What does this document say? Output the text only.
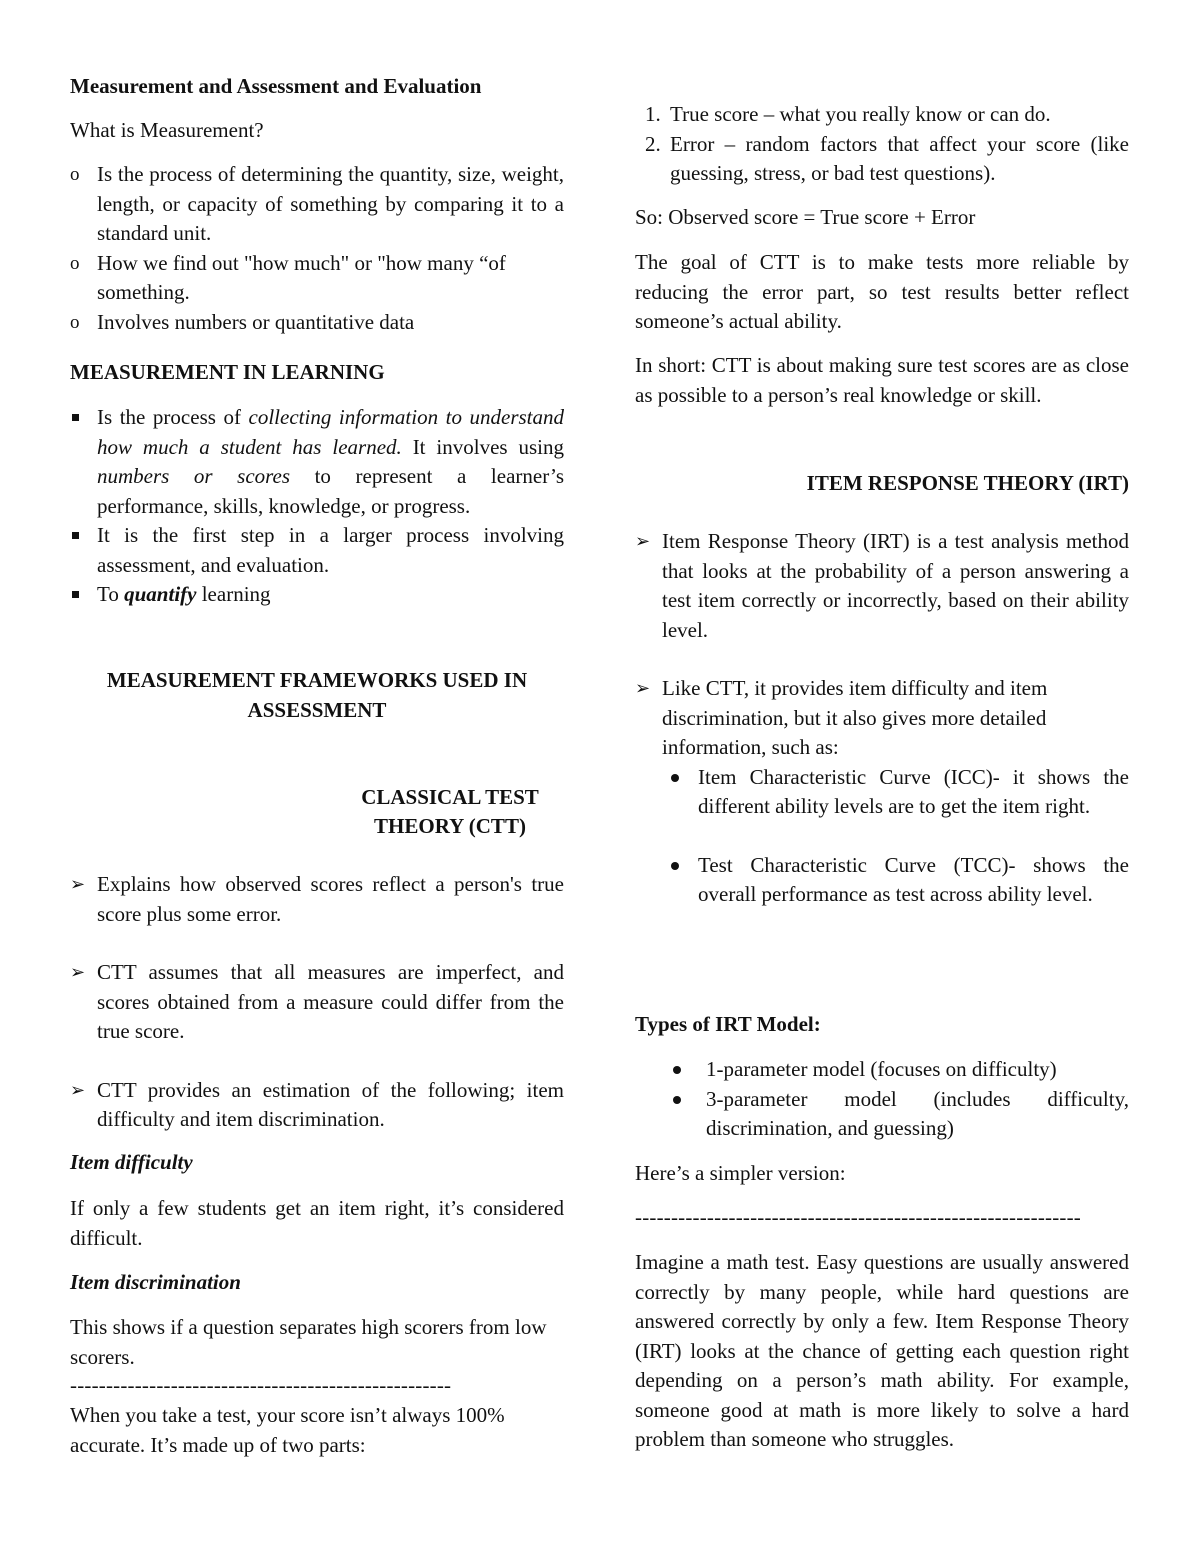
Measurement and Assessment and Evaluation

What is Measurement?

o Is the process of determining the quantity, size, weight, length, or capacity of something by comparing it to a standard unit.
o How we find out "how much" or "how many “of something.
o Involves numbers or quantitative data

MEASUREMENT IN LEARNING

Is the process of collecting information to understand how much a student has learned. It involves using numbers or scores to represent a learner’s performance, skills, knowledge, or progress.
It is the first step in a larger process involving assessment, and evaluation.
To quantify learning

MEASUREMENT FRAMEWORKS USED IN ASSESSMENT

CLASSICAL TEST

THEORY (CTT)

➢ Explains how observed scores reflect a person's true score plus some error.
➢ CTT assumes that all measures are imperfect, and scores obtained from a measure could differ from the true score.
➢ CTT provides an estimation of the following; item difficulty and item discrimination.

Item difficulty

If only a few students get an item right, it’s considered difficult.

Item discrimination

This shows if a question separates high scorers from low scorers.

-----------------------------------------------------

When you take a test, your score isn’t always 100% accurate. It’s made up of two parts:

1. True score – what you really know or can do.
2. Error – random factors that affect your score (like guessing, stress, or bad test questions).

So: Observed score = True score + Error

The goal of CTT is to make tests more reliable by reducing the error part, so test results better reflect someone’s actual ability.

In short: CTT is about making sure test scores are as close as possible to a person’s real knowledge or skill.

ITEM RESPONSE THEORY (IRT)

➢ Item Response Theory (IRT) is a test analysis method that looks at the probability of a person answering a test item correctly or incorrectly, based on their ability level.
➢ Like CTT, it provides item difficulty and item discrimination, but it also gives more detailed information, such as:
Item Characteristic Curve (ICC)- it shows the different ability levels are to get the item right.
Test Characteristic Curve (TCC)- shows the overall performance as test across ability level.

Types of IRT Model:

1-parameter model (focuses on difficulty)
3-parameter model (includes difficulty, discrimination, and guessing)

Here’s a simpler version:

--------------------------------------------------------------

Imagine a math test. Easy questions are usually answered correctly by many people, while hard questions are answered correctly by only a few. Item Response Theory (IRT) looks at the chance of getting each question right depending on a person’s math ability. For example, someone good at math is more likely to solve a hard problem than someone who struggles.
